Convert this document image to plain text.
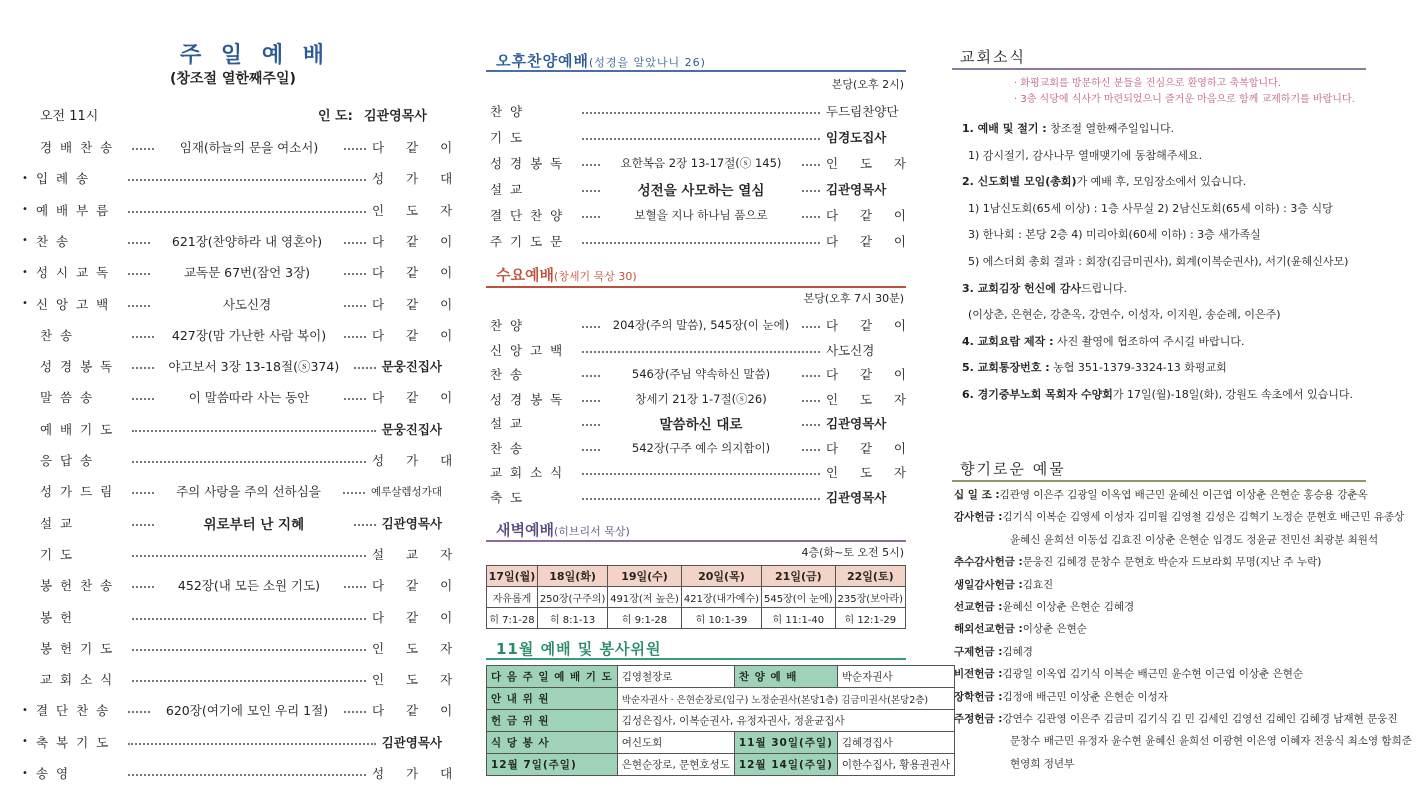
주 일 예 배
(창조절 열한째주일)
오전 11시	인 도: 김관영목사
경 배 찬 송	임재(하늘의 문을 여소서)	다 같 이
입 례 송	성 가 대
•
예 배 부 름	인 도 자
•
찬 송	621장(찬양하라 내 영혼아)	다 같 이
•
성 시 교 독	교독문 67번(잠언 3장)	다 같 이
•
신 앙 고 백	사도신경	다 같 이
•
찬 송	427장(맘 가난한 사람 복이)	다 같 이
성 경 봉 독	야고보서 3장 13-18절(ⓢ374)	문웅진집사
말 씀 송	이 말씀따라 사는 동안	다 같 이
예 배 기 도	문웅진집사
응 답 송	성 가 대
성 가 드 림	주의 사랑을 주의 선하심을	예루살렘성가대
설 교	위로부터 난 지혜	김관영목사
기 도	설 교 자
봉 헌 찬 송	452장(내 모든 소원 기도)	다 같 이
봉 헌	다 같 이
봉 헌 기 도	인 도 자
교 회 소 식	인 도 자
결 단 찬 송	620장(여기에 모인 우리 1절)	다 같 이
•
축 복 기 도	김관영목사
•
송 영	성 가 대
•
오후찬양예배(성경을 알았나니 26)
본당(오후 2시)
찬 양	두드림찬양단
기 도	임경도집사
성 경 봉 독	요한복음 2장 13-17절(ⓢ 145)	인 도 자
설 교	성전을 사모하는 열심	김관영목사
결 단 찬 양	보혈을 지나 하나님 품으로	다 같 이
주 기 도 문	다 같 이
수요예배(창세기 묵상 30)
본당(오후 7시 30분)
찬 양	204장(주의 말씀), 545장(이 눈에)	다 같 이
신 앙 고 백	사도신경
찬 송	546장(주님 약속하신 말씀)	다 같 이
성 경 봉 독	창세기 21장 1-7절(ⓢ26)	인 도 자
설 교	말씀하신 대로	김관영목사
찬 송	542장(구주 예수 의지함이)	다 같 이
교 회 소 식	인 도 자
축 도	김관영목사
새벽예배(히브리서 묵상)
4층(화~토 오전 5시)
17일(월)	18일(화)	19일(수)	20일(목)	21일(금)	22일(토)
자유롭게	250장(구주의)	491장(저 높은)	421장(내가예수)	545장(이 눈에)	235장(보아라)
히 7:1-28	히 8:1-13	히 9:1-28	히 10:1-39	히 11:1-40	히 12:1-29
11월 예배 및 봉사위원
다 음 주 일 예 배 기 도	김영철장로	찬 양 예 배	박순자권사
안 내 위 원	박순자권사 · 은현순장로(입구) 노정순권사(본당1층) 김금미권사(본당2층)		
헌 금 위 원	김성은집사, 이복순권사, 유정자권사, 정윤균집사		
식 당 봉 사	여신도회	11월 30일(주일)	김혜경집사
12월 7일(주일)	은현순장로, 문현호성도	12월 14일(주일)	이한수집사, 황용권권사
교회소식
· 화평교회를 방문하신 분들을 진심으로 환영하고 축복합니다.
· 3층 식당에 식사가 마련되었으니 즐거운 마음으로 함께 교제하기를 바랍니다.
1. 예배 및 절기 : 창조절 열한째주일입니다.
1) 감시절기, 감사나무 열매맺기에 동참해주세요.
2. 신도회별 모임(총회)가 예배 후, 모임장소에서 있습니다.
1) 1남신도회(65세 이상) : 1층 사무실 2) 2남신도회(65세 이하) : 3층 식당
3) 한나회 : 본당 2층 4) 미리아회(60세 이하) : 3층 새가족실
5) 에스더회 총회 결과 : 회장(김금미권사), 회계(이복순권사), 서기(윤혜신사모)
3. 교회김장 헌신에 감사드립니다.
(이상춘, 은현순, 강춘옥, 강연수, 이성자, 이지원, 송순례, 이은주)
4. 교회요람 제작 : 사진 촬영에 협조하여 주시길 바랍니다.
5. 교회통장번호 : 농협 351-1379-3324-13 화평교회
6. 경기중부노회 목회자 수양회가 17일(월)-18일(화), 강원도 속초에서 있습니다.
향기로운 예물
십 일 조 : 김관영 이은주 김광일 이옥엽 배근민 윤혜신 이근엽 이상춘 은현순 홍승용 강춘옥
감사헌금 : 김기식 이복순 김영세 이성자 김미월 김영철 김성은 김혁기 노정순 문현호 배근민 유종상
윤혜신 윤희선 이동섭 김효진 이상춘 은현순 임경도 정윤균 전민선 최광분 최원석
추수감사헌금 : 문웅진 김혜경 문창수 문현호 박순자 드보라회 무명(지난 주 누락)
생일감사헌금 : 김효진
선교헌금 : 윤혜신 이상춘 은현순 김혜경
해외선교헌금 : 이상춘 은현순
구제헌금 : 김혜경
비전헌금 : 김광일 이옥엽 김기식 이복순 배근민 윤수현 이근엽 이상춘 은현순
장학헌금 : 김정애 배근민 이상춘 은현순 이성자
주정헌금 : 강연수 김관영 이은주 김금미 김기식 김 민 김세인 김영선 김혜인 김혜경 남재현 문웅진
문창수 배근민 유정자 윤수현 윤혜신 윤희선 이광현 이은영 이혜자 전웅식 최소영 함희준
현영희 정년부
